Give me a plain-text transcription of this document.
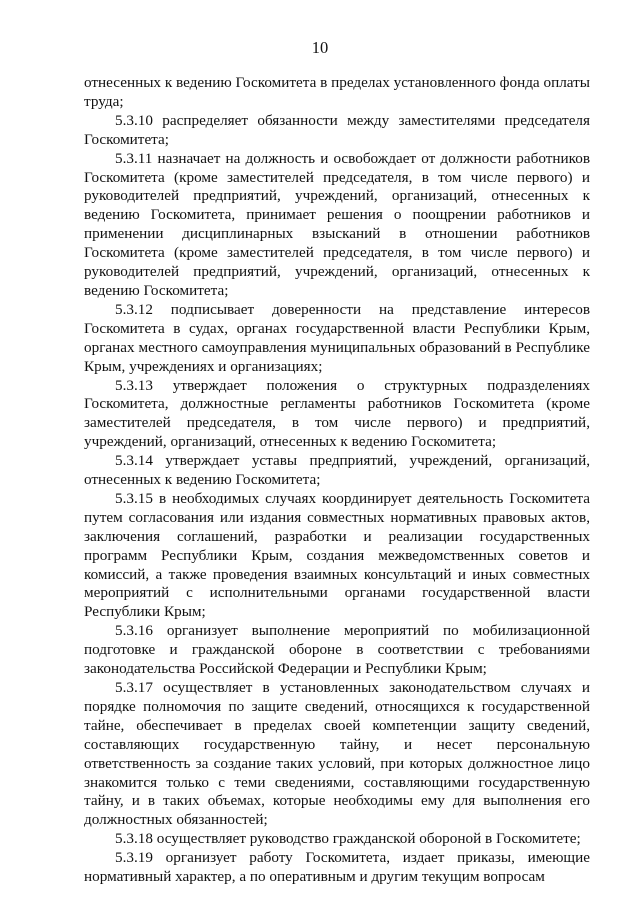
10

отнесенных к ведению Госкомитета в пределах установленного фонда оплаты труда;

5.3.10 распределяет обязанности между заместителями председателя Госкомитета;

5.3.11 назначает на должность и освобождает от должности работников Госкомитета (кроме заместителей председателя, в том числе первого) и руководителей предприятий, учреждений, организаций, отнесенных к ведению Госкомитета, принимает решения о поощрении работников и применении дисциплинарных взысканий в отношении работников Госкомитета (кроме заместителей председателя, в том числе первого) и руководителей предприятий, учреждений, организаций, отнесенных к ведению Госкомитета;

5.3.12 подписывает доверенности на представление интересов Госкомитета в судах, органах государственной власти Республики Крым, органах местного самоуправления муниципальных образований в Республике Крым, учреждениях и организациях;

5.3.13 утверждает положения о структурных подразделениях Госкомитета, должностные регламенты работников Госкомитета (кроме заместителей председателя, в том числе первого) и предприятий, учреждений, организаций, отнесенных к ведению Госкомитета;

5.3.14 утверждает уставы предприятий, учреждений, организаций, отнесенных к ведению Госкомитета;

5.3.15 в необходимых случаях координирует деятельность Госкомитета путем согласования или издания совместных нормативных правовых актов, заключения соглашений, разработки и реализации государственных программ Республики Крым, создания межведомственных советов и комиссий, а также проведения взаимных консультаций и иных совместных мероприятий с исполнительными органами государственной власти Республики Крым;

5.3.16 организует выполнение мероприятий по мобилизационной подготовке и гражданской обороне в соответствии с требованиями законодательства Российской Федерации и Республики Крым;

5.3.17 осуществляет в установленных законодательством случаях и порядке полномочия по защите сведений, относящихся к государственной тайне, обеспечивает в пределах своей компетенции защиту сведений, составляющих государственную тайну, и несет персональную ответственность за создание таких условий, при которых должностное лицо знакомится только с теми сведениями, составляющими государственную тайну, и в таких объемах, которые необходимы ему для выполнения его должностных обязанностей;

5.3.18 осуществляет руководство гражданской обороной в Госкомитете;

5.3.19 организует работу Госкомитета, издает приказы, имеющие нормативный характер, а по оперативным и другим текущим вопросам
